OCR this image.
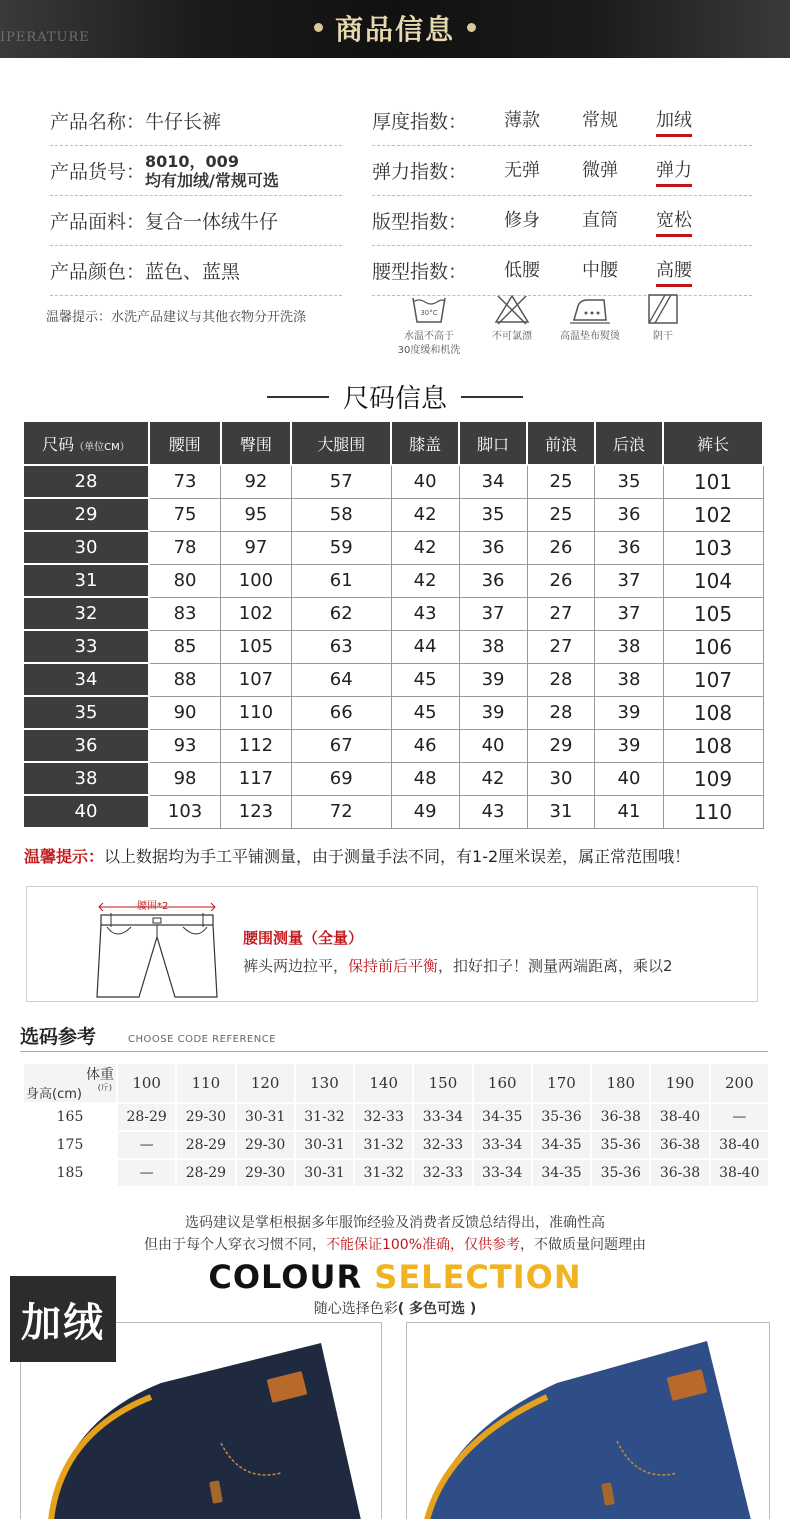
IPERATURE	商品信息
产品名称： 牛仔长裤
产品货号： 8010，009
均有加绒/常规可选
产品面料： 复合一体绒牛仔
产品颜色： 蓝色、蓝黑
厚度指数：	薄款 常规 加绒
弹力指数：	无弹 微弹 弹力
版型指数：	修身 直筒 宽松
腰型指数：	低腰 中腰 高腰
温馨提示：水洗产品建议与其他衣物分开洗涤	30°C
水温不高于
30度缓和机洗
不可氯漂	高温垫布熨烫	阴干
尺码信息
尺码（单位CM）	腰围	臀围	大腿围	膝盖	脚口	前浪	后浪	裤长
28	73	92	57	40	34	25	35	101
29	75	95	58	42	35	25	36	102
30	78	97	59	42	36	26	36	103
31	80	100	61	42	36	26	37	104
32	83	102	62	43	37	27	37	105
33	85	105	63	44	38	27	38	106
34	88	107	64	45	39	28	38	107
35	90	110	66	45	39	28	39	108
36	93	112	67	46	40	29	39	108
38	98	117	69	48	42	30	40	109
40	103	123	72	49	43	31	41	110
温馨提示：以上数据均为手工平铺测量，由于测量手法不同，有1-2厘米误差，属正常范围哦！
腰围*2
腰围测量（全量）
裤头两边拉平，保持前后平衡，扣好扣子！测量两端距离，乘以2
选码参考	CHOOSE CODE REFERENCE
体重
(斤)
身高(cm)	100	110	120	130	140	150	160	170	180	190	200
165	28-29	29-30	30-31	31-32	32-33	33-34	34-35	35-36	36-38	38-40	—
175	—	28-29	29-30	30-31	31-32	32-33	33-34	34-35	35-36	36-38	38-40
185	—	28-29	29-30	30-31	31-32	32-33	33-34	34-35	35-36	36-38	38-40
选码建议是掌柜根据多年服饰经验及消费者反馈总结得出，准确性高
但由于每个人穿衣习惯不同，不能保证100%准确，仅供参考，不做质量问题理由
COLOUR SELECTION
随心选择色彩( 多色可选 )
加绒
